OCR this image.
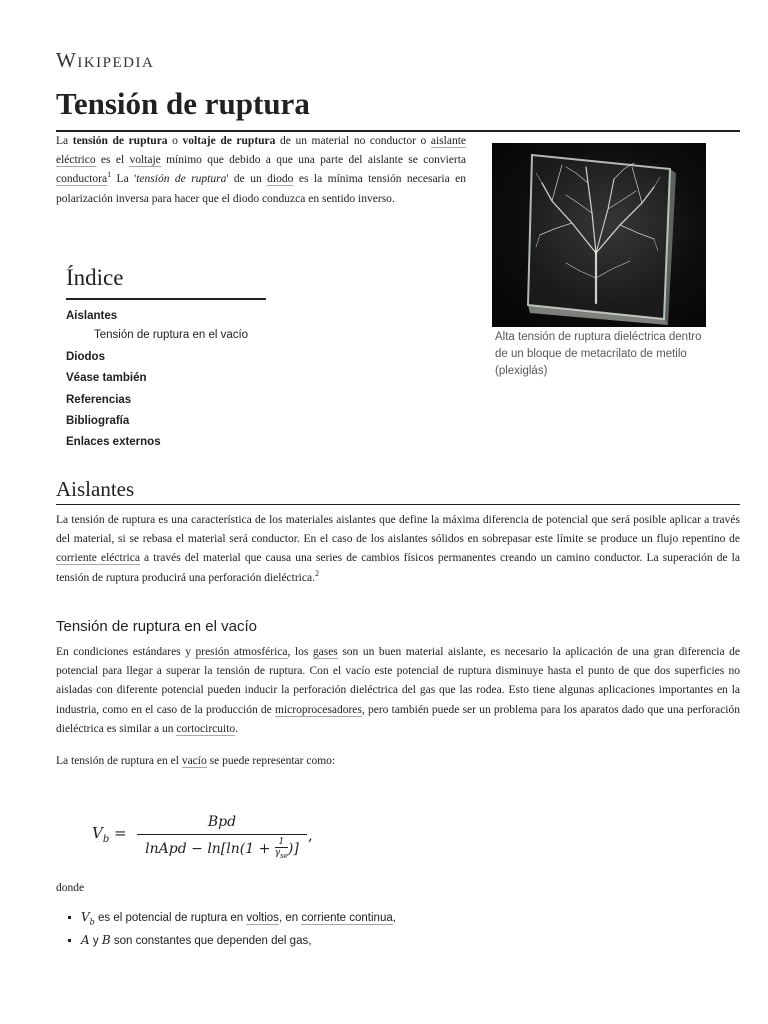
Wikipedia
Tensión de ruptura

La tensión de ruptura o voltaje de ruptura de un material no conductor o aislante eléctrico es el voltaje mínimo que debido a que una parte del aislante se convierta conductora$^1$ La 'tensión de ruptura' de un diodo es la mínima tensión necesaria en polarización inversa para hacer que el diodo conduzca en sentido inverso.

Alta tensión de ruptura dieléctrica dentro de un bloque de metacrilato de metilo (plexiglás)
Índice
Aislantes
Tensión de ruptura en el vacío
Diodos
Véase también
Referencias
Bibliografía
Enlaces externos
Aislantes

La tensión de ruptura es una característica de los materiales aislantes que define la máxima diferencia de potencial que será posible aplicar a través del material, si se rebasa el material será conductor. En el caso de los aislantes sólidos en sobrepasar este límite se produce un flujo repentino de corriente eléctrica a través del material que causa una series de cambios físicos permanentes creando un camino conductor. La superación de la tensión de ruptura producirá una perforación dieléctrica.$^2$

Tensión de ruptura en el vacío

En condiciones estándares y presión atmosférica, los gases son un buen material aislante, es necesario la aplicación de una gran diferencia de potencial para llegar a superar la tensión de ruptura. Con el vacío este potencial de ruptura disminuye hasta el punto de que dos superficies no aisladas con diferente potencial pueden inducir la perforación dieléctrica del gas que las rodea. Esto tiene algunas aplicaciones importantes en la industria, como en el caso de la producción de microprocesadores, pero también puede ser un problema para los aparatos dado que una perforación dieléctrica es similar a un cortocircuito.

La tensión de ruptura en el vacío se puede representar como:

$V_b$ =
Bpd
lnApd − ln[ln(1 + 1
$\gamma_{se}$ )]
,

donde

▪ $V_b$ es el potencial de ruptura en voltios, en corriente continua,
▪ A y B son constantes que dependen del gas,
